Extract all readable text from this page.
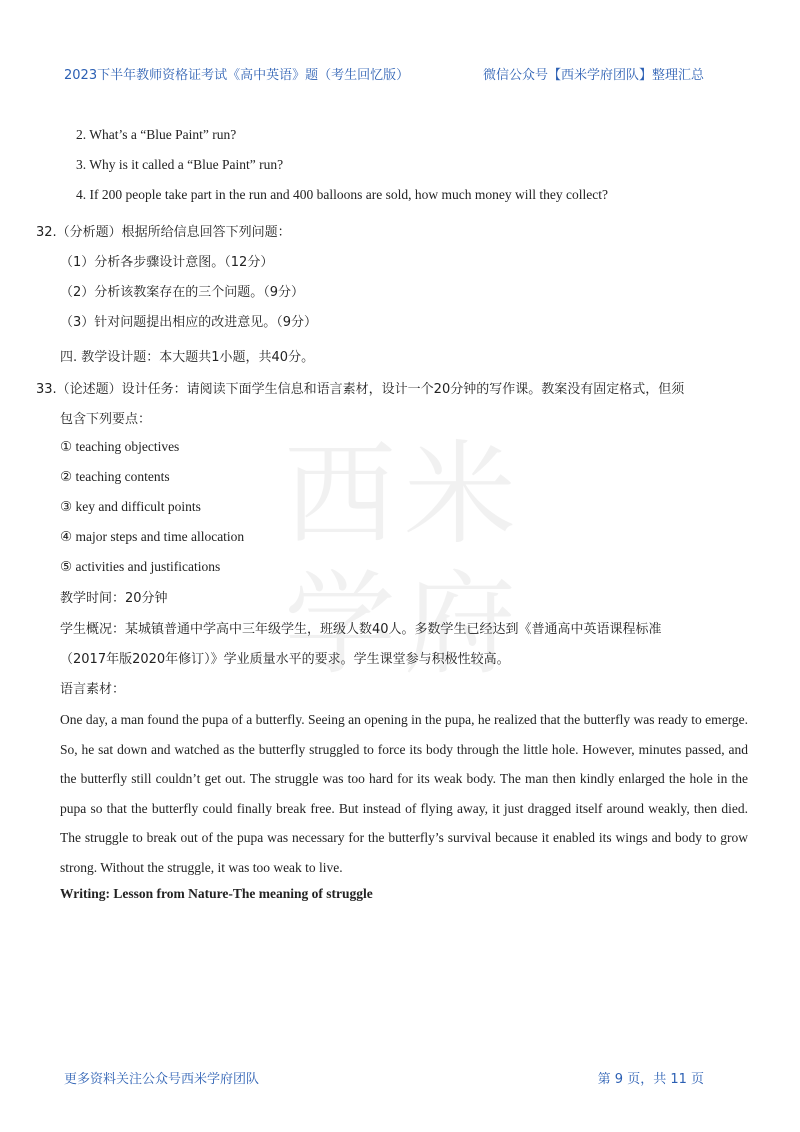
2023下半年教师资格证考试《高中英语》题（考生回忆版）	微信公众号【西米学府团队】整理汇总
西 米
学 府
2. What’s a “Blue Paint” run?
3. Why is it called a “Blue Paint” run?
4. If 200 people take part in the run and 400 balloons are sold, how much money will they collect?
32.（分析题）根据所给信息回答下列问题：
（1）分析各步骤设计意图。（12分）
（2）分析该教案存在的三个问题。（9分）
（3）针对问题提出相应的改进意见。（9分）
四. 教学设计题：本大题共1小题，共40分。
33.（论述题）设计任务：请阅读下面学生信息和语言素材，设计一个20分钟的写作课。教案没有固定格式，但须
包含下列要点：
① teaching objectives
② teaching contents
③ key and difficult points
④ major steps and time allocation
⑤ activities and justifications
教学时间：20分钟
学生概况：某城镇普通中学高中三年级学生，班级人数40人。多数学生已经达到《普通高中英语课程标准
（2017年版2020年修订）》学业质量水平的要求。学生课堂参与积极性较高。
语言素材：

One day, a man found the pupa of a butterfly. Seeing an opening in the pupa, he realized that the butterfly was ready to emerge. So, he sat down and watched as the butterfly struggled to force its body through the little hole. However, minutes passed, and the butterfly still couldn’t get out. The struggle was too hard for its weak body. The man then kindly enlarged the hole in the pupa so that the butterfly could finally break free. But instead of flying away, it just dragged itself around weakly, then died. The struggle to break out of the pupa was necessary for the butterfly’s survival because it enabled its wings and body to grow strong. Without the struggle, it was too weak to live.

Writing: Lesson from Nature-The meaning of struggle
更多资料关注公众号西米学府团队	第 9 页，共 11 页
